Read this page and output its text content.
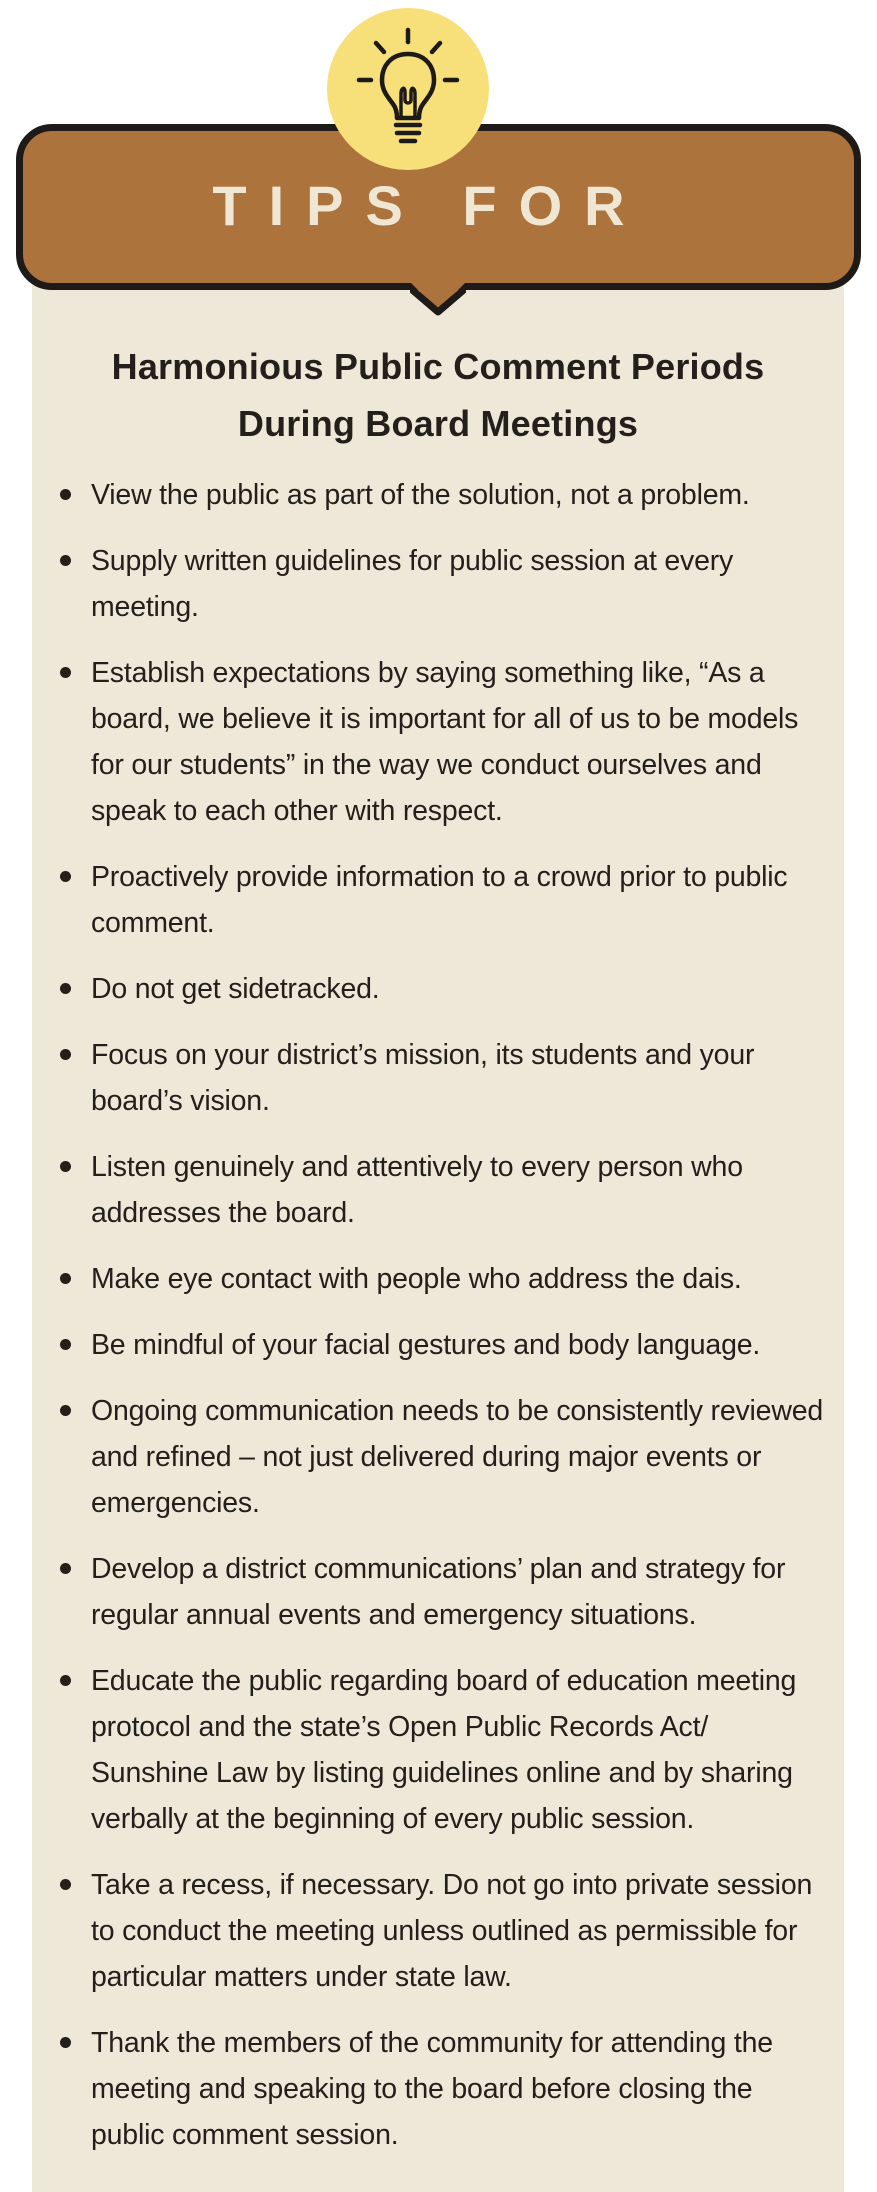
TIPS FOR
Harmonious Public Comment Periods
During Board Meetings
View the public as part of the solution, not a problem.
Supply written guidelines for public session at every meeting.
Establish expectations by saying something like, “As a board, we believe it is important for all of us to be models for our students” in the way we conduct ourselves and speak to each other with respect.
Proactively provide information to a crowd prior to public comment.
Do not get sidetracked.
Focus on your district’s mission, its students and your board’s vision.
Listen genuinely and attentively to every person who addresses the board.
Make eye contact with people who address the dais.
Be mindful of your facial gestures and body language.
Ongoing communication needs to be consistently reviewed and refined – not just delivered during major events or emergencies.
Develop a district communications’ plan and strategy for regular annual events and emergency situations.
Educate the public regarding board of education meeting protocol and the state’s Open Public Records Act/ Sunshine Law by listing guidelines online and by sharing verbally at the beginning of every public session.
Take a recess, if necessary. Do not go into private session to conduct the meeting unless outlined as permissible for particular matters under state law.
Thank the members of the community for attending the meeting and speaking to the board before closing the public comment session.
